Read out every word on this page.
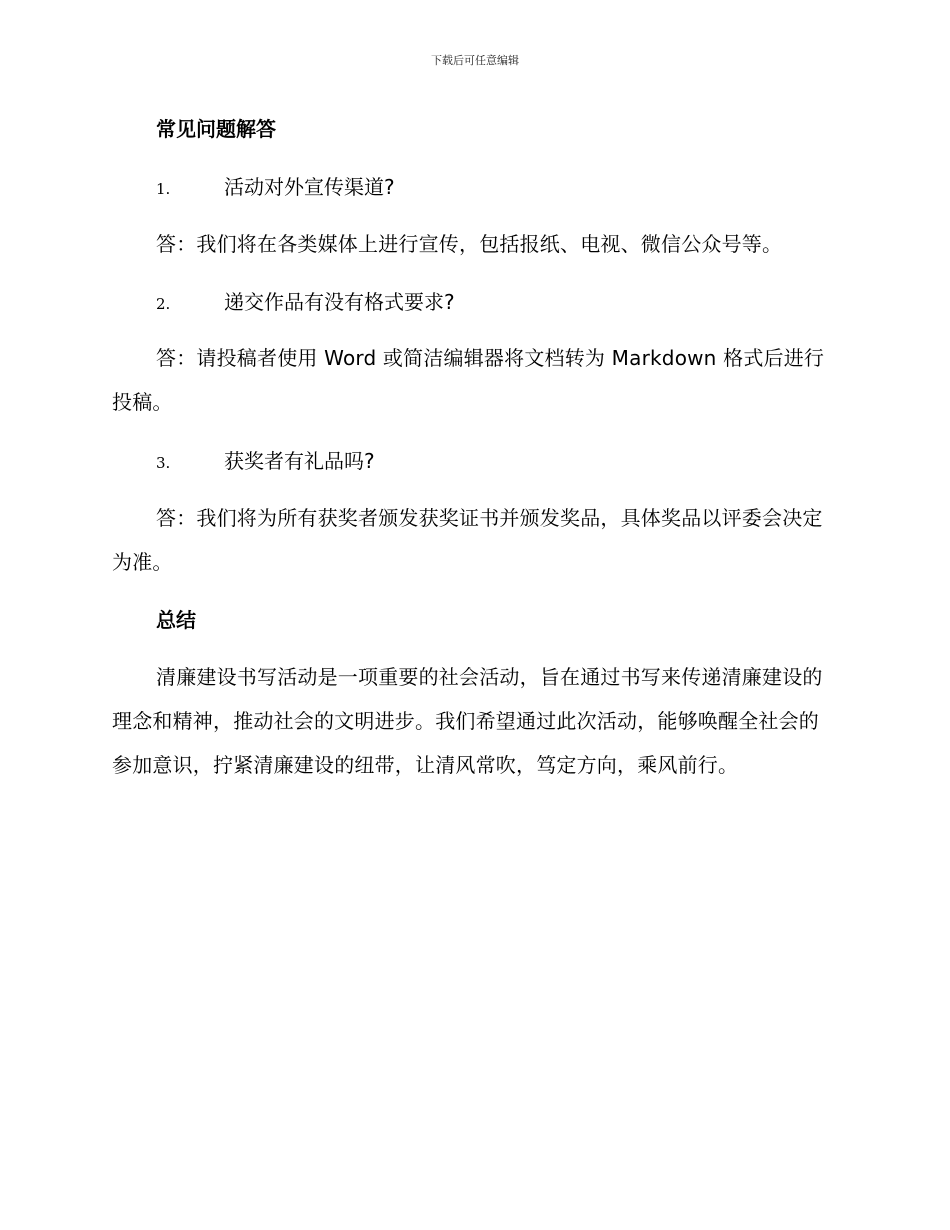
下载后可任意编辑
常见问题解答
1.	活动对外宣传渠道?

答：我们将在各类媒体上进行宣传，包括报纸、电视、微信公众号等。

2.	递交作品有没有格式要求?

答：请投稿者使用 Word 或简洁编辑器将文档转为 Markdown 格式后进行投稿。

3.	获奖者有礼品吗?

答：我们将为所有获奖者颁发获奖证书并颁发奖品，具体奖品以评委会决定为准。

总结

清廉建设书写活动是一项重要的社会活动，旨在通过书写来传递清廉建设的理念和精神，推动社会的文明进步。我们希望通过此次活动，能够唤醒全社会的参加意识，拧紧清廉建设的纽带，让清风常吹，笃定方向，乘风前行。
